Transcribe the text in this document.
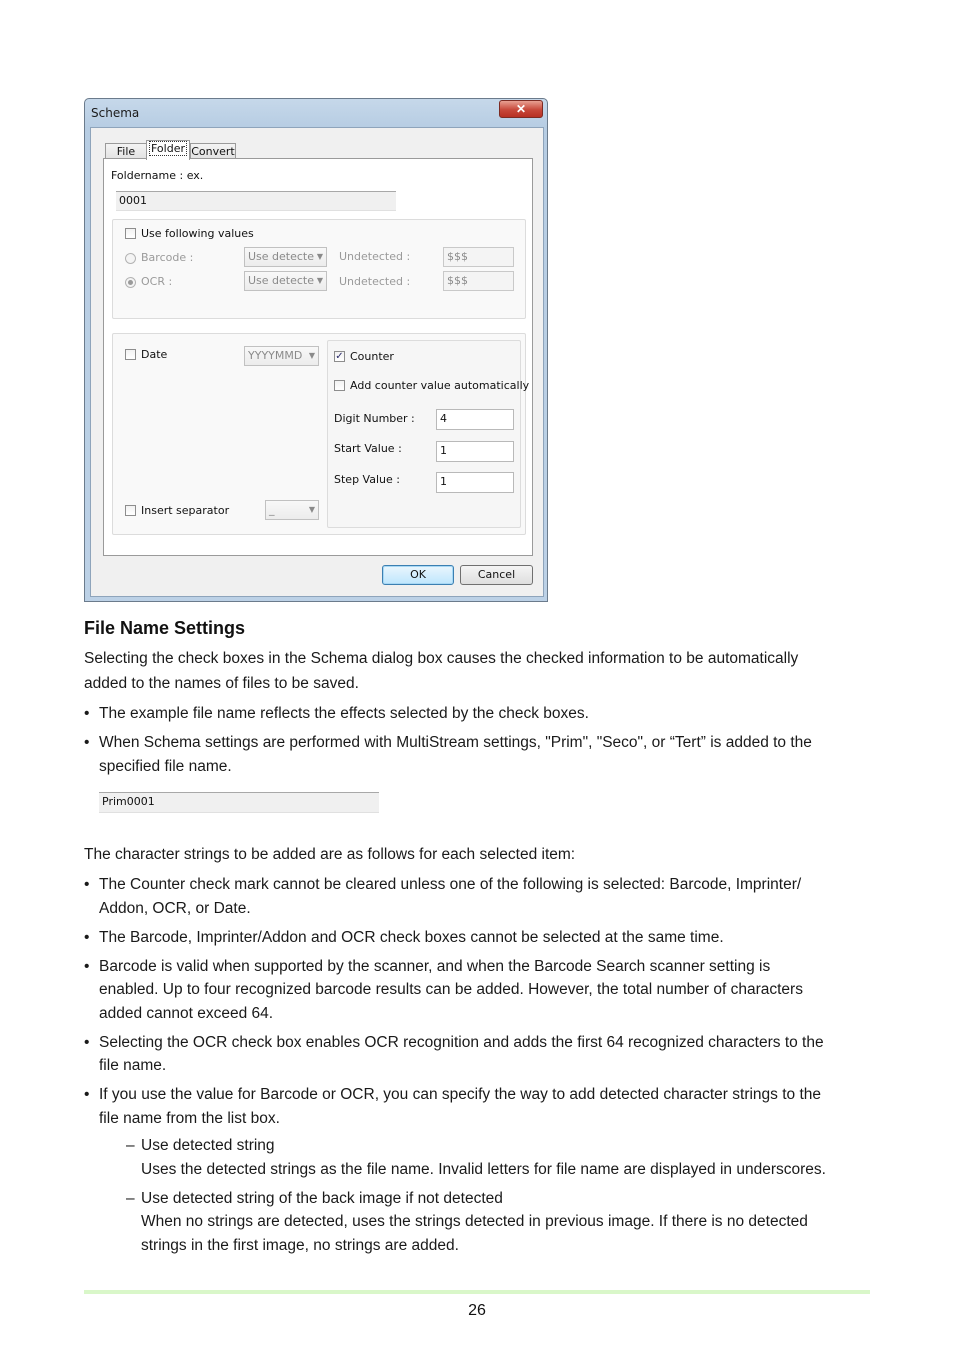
Schema	✕
File	Folder Convert
Foldername : ex.
0001
Use following values
Barcode :	Use detecte ▼ Undetected :	$$$
OCR :	Use detecte ▼ Undetected :	$$$
Date	YYYYMMD ▼ ✓ Counter
Add counter value automatically
Digit Number :	4
Start Value :	1
Step Value :	1
Insert separator	_	▼
OK	Cancel
File Name Settings
Selecting the check boxes in the Schema dialog box causes the checked information to be automatically
added to the names of files to be saved.
• The example file name reflects the effects selected by the check boxes.
• When Schema settings are performed with MultiStream settings, "Prim", "Seco", or “Tert” is added to the
specified file name.
Prim0001
The character strings to be added are as follows for each selected item:
• The Counter check mark cannot be cleared unless one of the following is selected: Barcode, Imprinter/
Addon, OCR, or Date.
• The Barcode, Imprinter/Addon and OCR check boxes cannot be selected at the same time.
• Barcode is valid when supported by the scanner, and when the Barcode Search scanner setting is
enabled. Up to four recognized barcode results can be added. However, the total number of characters
added cannot exceed 64.
• Selecting the OCR check box enables OCR recognition and adds the first 64 recognized characters to the
file name.
• If you use the value for Barcode or OCR, you can specify the way to add detected character strings to the
file name from the list box.
– Use detected string
Uses the detected strings as the file name. Invalid letters for file name are displayed in underscores.
– Use detected string of the back image if not detected
When no strings are detected, uses the strings detected in previous image. If there is no detected
strings in the first image, no strings are added.
26
